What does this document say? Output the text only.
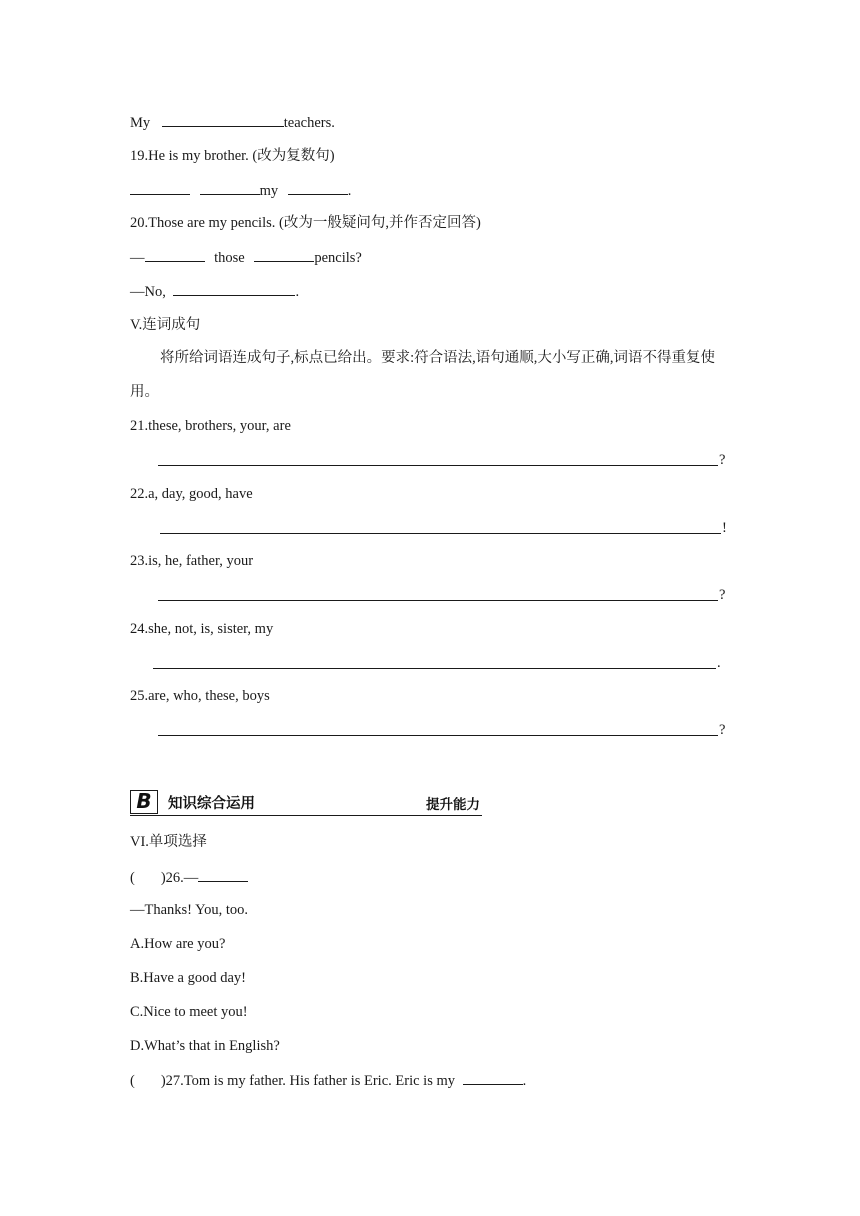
My	teachers.
19.He is my brother. (改为复数句)
my	.
20.Those are my pencils. (改为一般疑问句,并作否定回答)
—	those	pencils?
—No,	.
V.连词成句
将所给词语连成句子,标点已给出。要求:符合语法,语句通顺,大小写正确,词语不得重复使用。
21.these, brothers, your, are
?
22.a, day, good, have
!
23.is, he, father, your
?
24.she, not, is, sister, my
.
25.are, who, these, boys
?
B	知识综合运用	提升能力
VI.单项选择
( )26.—
—Thanks! You, too.
A.How are you?
B.Have a good day!
C.Nice to meet you!
D.What’s that in English?
( )27.Tom is my father. His father is Eric. Eric is my	.
